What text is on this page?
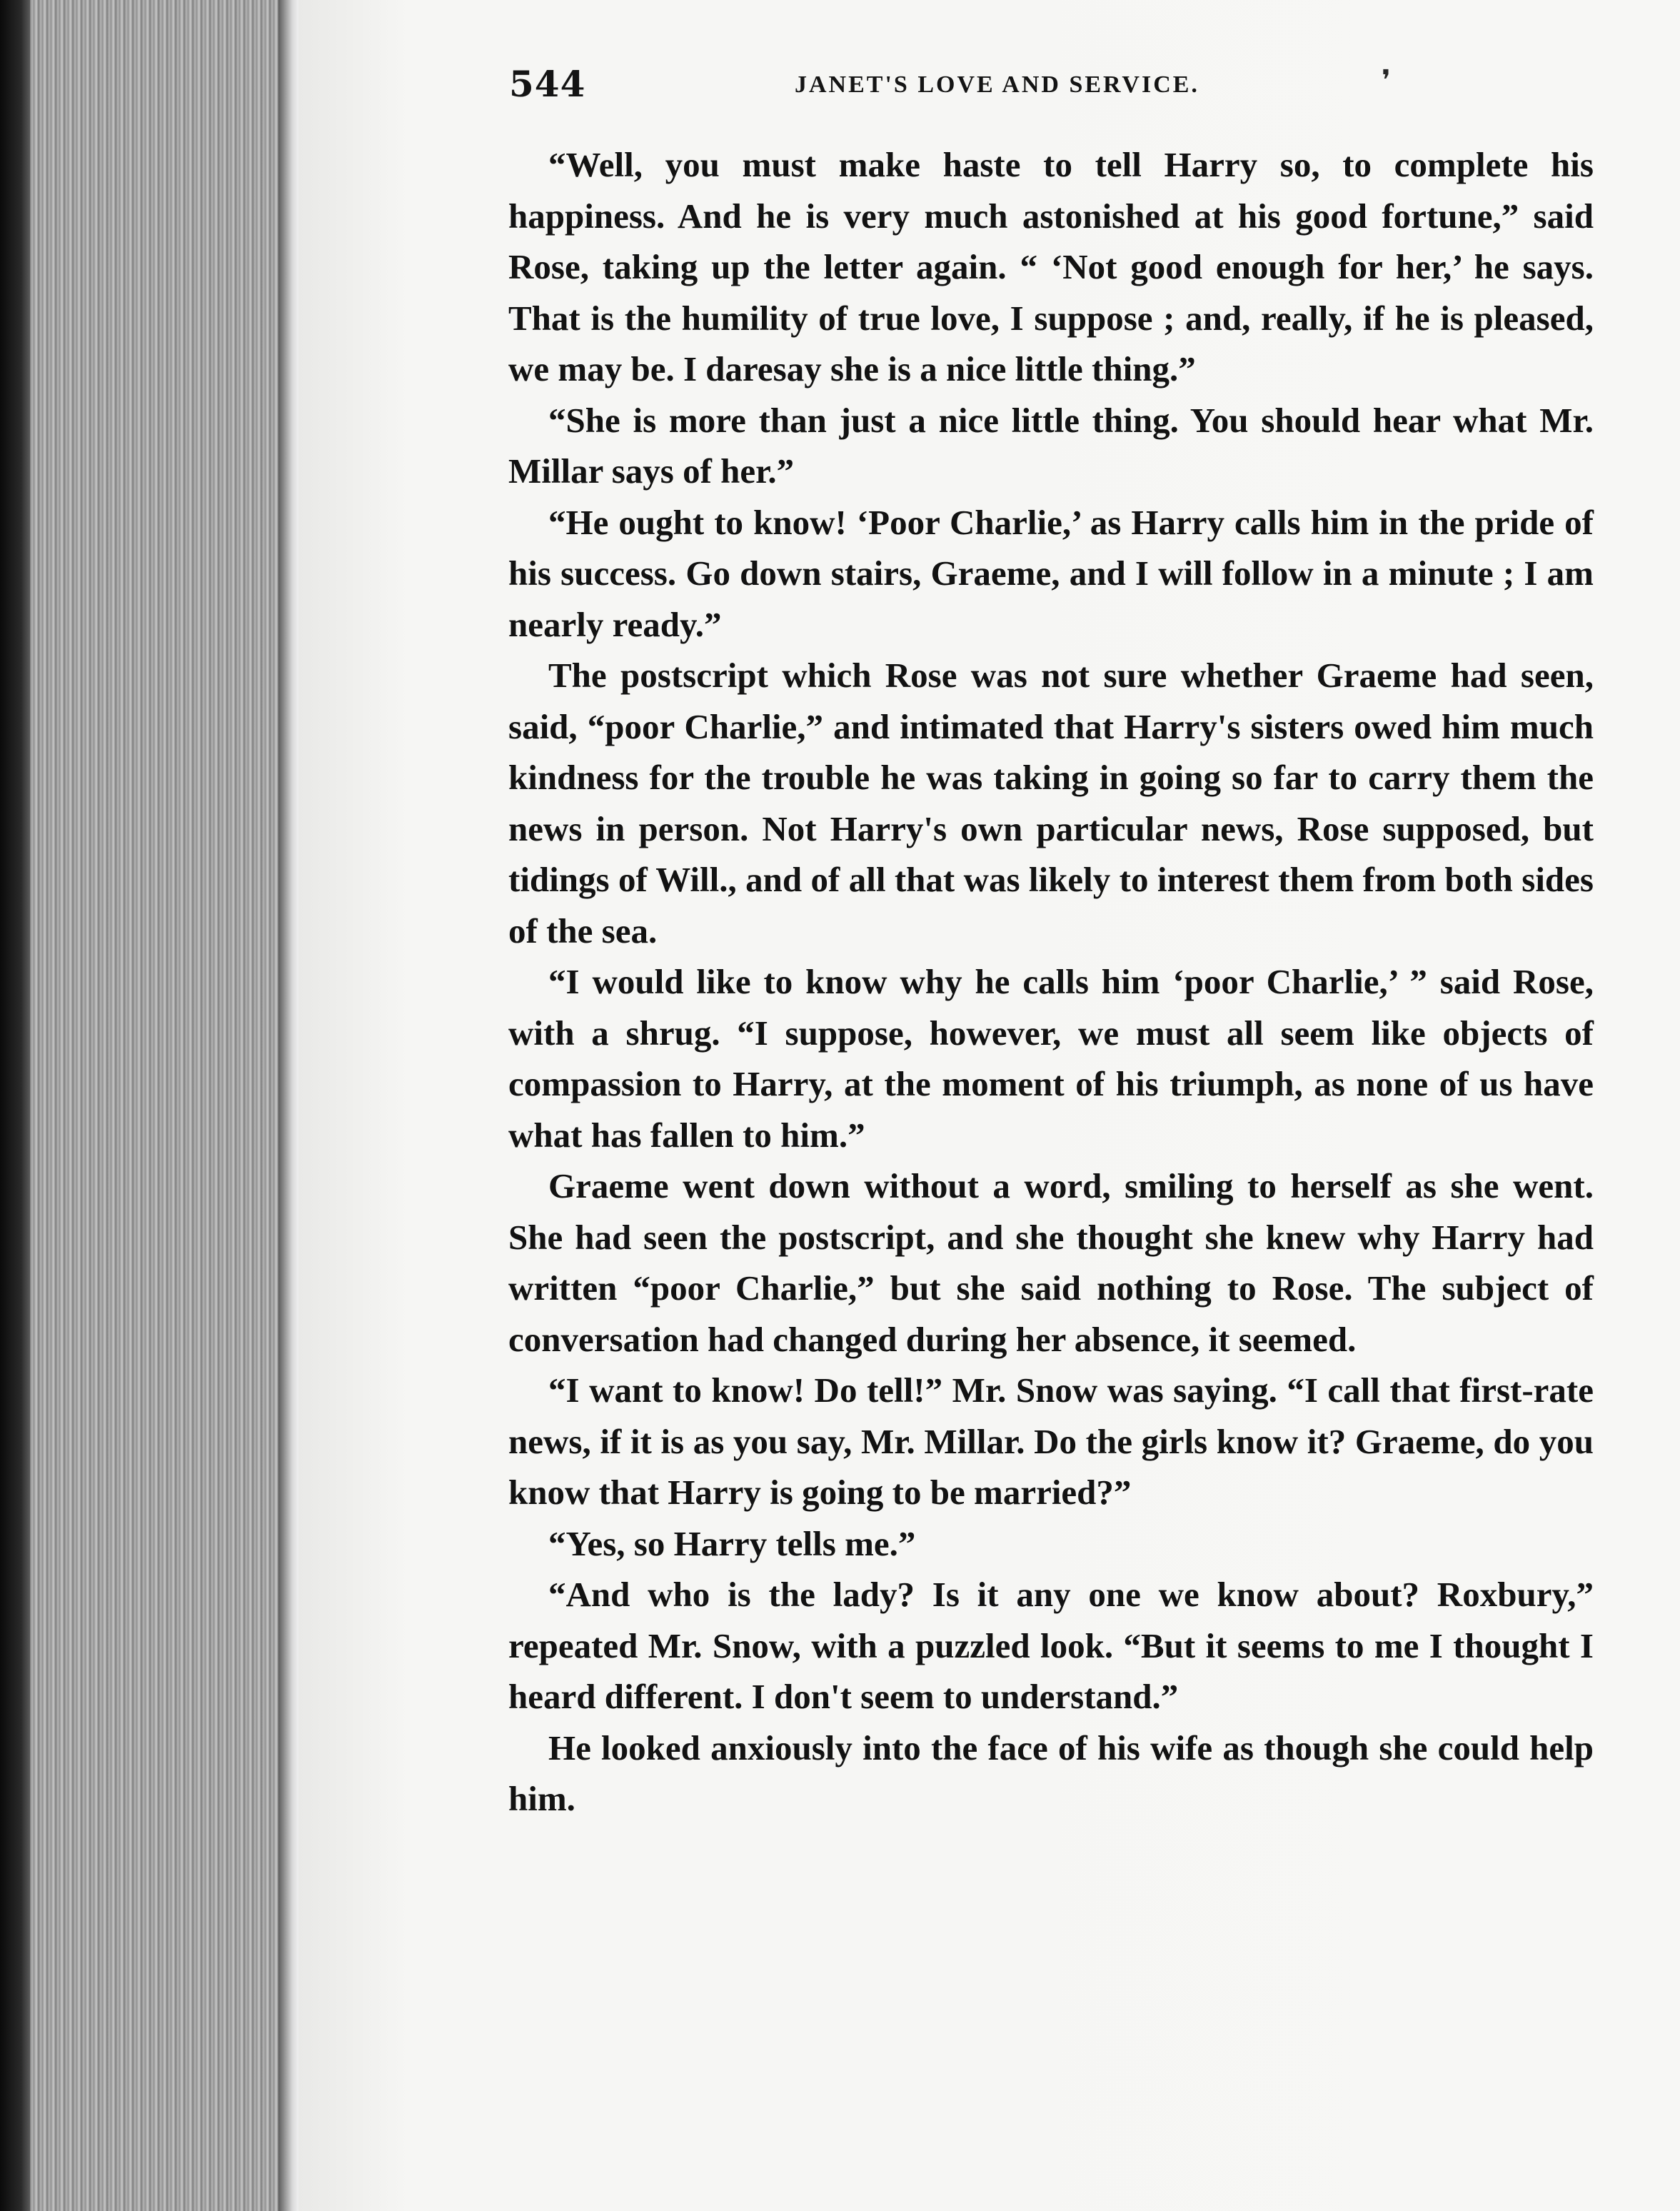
544	JANET'S LOVE AND SERVICE.	❜

“Well, you must make haste to tell Harry so, to complete his happiness. And he is very much astonished at his good fortune,” said Rose, taking up the letter again. “ ‘Not good enough for her,’ he says. That is the humility of true love, I suppose ; and, really, if he is pleased, we may be. I daresay she is a nice little thing.”

“She is more than just a nice little thing. You should hear what Mr. Millar says of her.”

“He ought to know! ‘Poor Charlie,’ as Harry calls him in the pride of his success. Go down stairs, Graeme, and I will follow in a minute ; I am nearly ready.”

The postscript which Rose was not sure whether Graeme had seen, said, “poor Charlie,” and intimated that Harry's sisters owed him much kindness for the trouble he was taking in going so far to carry them the news in person. Not Harry's own particular news, Rose supposed, but tidings of Will., and of all that was likely to interest them from both sides of the sea.

“I would like to know why he calls him ‘poor Charlie,’ ” said Rose, with a shrug. “I suppose, however, we must all seem like objects of compassion to Harry, at the moment of his triumph, as none of us have what has fallen to him.”

Graeme went down without a word, smiling to herself as she went. She had seen the postscript, and she thought she knew why Harry had written “poor Charlie,” but she said nothing to Rose. The subject of conversation had changed during her absence, it seemed.

“I want to know! Do tell!” Mr. Snow was saying. “I call that first-rate news, if it is as you say, Mr. Millar. Do the girls know it? Graeme, do you know that Harry is going to be married?”

“Yes, so Harry tells me.”

“And who is the lady? Is it any one we know about? Roxbury,” repeated Mr. Snow, with a puzzled look. “But it seems to me I thought I heard different. I don't seem to understand.”

He looked anxiously into the face of his wife as though she could help him.
